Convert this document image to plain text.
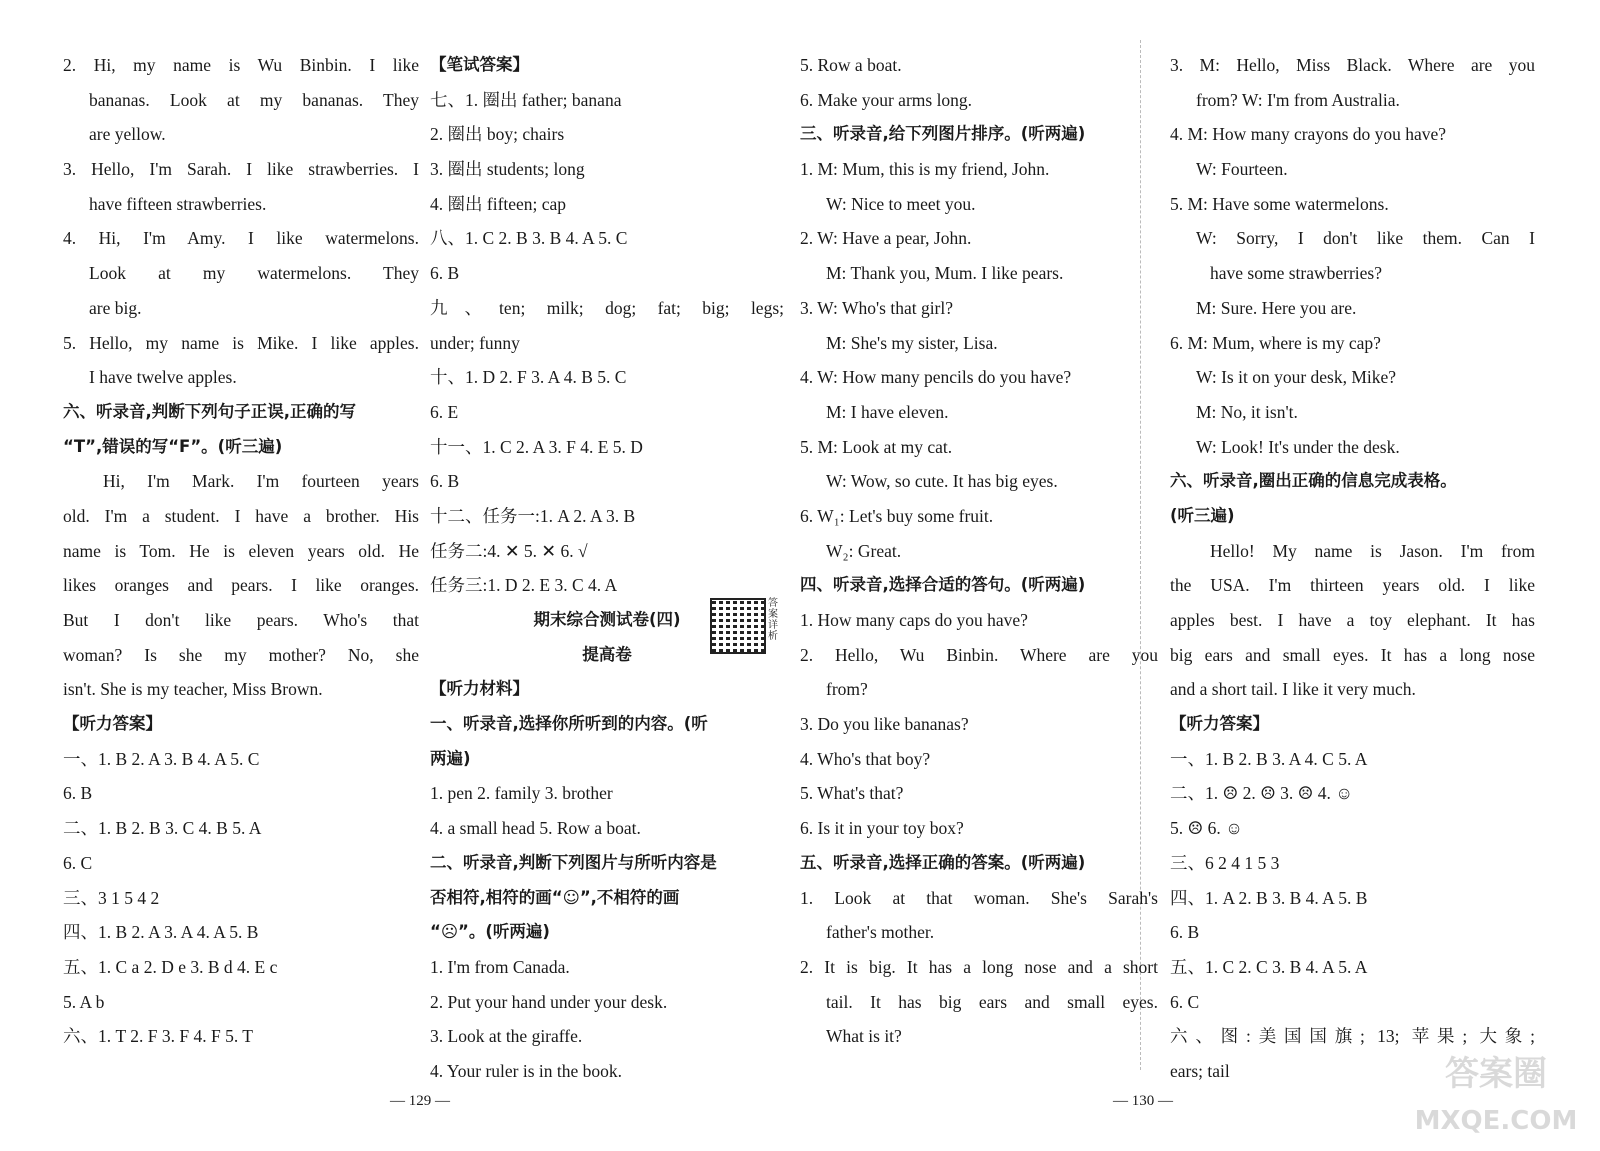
2. Hi, my name is Wu Binbin. I like
bananas. Look at my bananas. They
are yellow.
3. Hello, I'm Sarah. I like strawberries. I
have fifteen strawberries.
4. Hi, I'm Amy. I like watermelons.
Look at my watermelons. They
are big.
5. Hello, my name is Mike. I like apples.
I have twelve apples.
六、听录音,判断下列句子正误,正确的写
“T”,错误的写“F”。(听三遍)
Hi, I'm Mark. I'm fourteen years
old. I'm a student. I have a brother. His
name is Tom. He is eleven years old. He
likes oranges and pears. I like oranges.
But I don't like pears. Who's that
woman? Is she my mother? No, she
isn't. She is my teacher, Miss Brown.
【听力答案】
一、1. B 2. A 3. B 4. A 5. C
6. B
二、1. B 2. B 3. C 4. B 5. A
6. C
三、3 1 5 4 2
四、1. B 2. A 3. A 4. A 5. B
五、1. C a 2. D e 3. B d 4. E c
5. A b
六、1. T 2. F 3. F 4. F 5. T
【笔试答案】
七、1. 圈出 father; banana
2. 圈出 boy; chairs
3. 圈出 students; long
4. 圈出 fifteen; cap
八、1. C 2. B 3. B 4. A 5. C
6. B
九、ten; milk; dog; fat; big; legs;
under; funny
十、1. D 2. F 3. A 4. B 5. C
6. E
十一、1. C 2. A 3. F 4. E 5. D
6. B
十二、任务一:1. A 2. A 3. B
任务二:4. ✕ 5. ✕ 6. √
任务三:1. D 2. E 3. C 4. A
期末综合测试卷(四)
提高卷
【听力材料】
一、听录音,选择你所听到的内容。(听
两遍)
1. pen 2. family 3. brother
4. a small head 5. Row a boat.
二、听录音,判断下列图片与所听内容是
否相符,相符的画“☺”,不相符的画
“☹”。(听两遍)
1. I'm from Canada.
2. Put your hand under your desk.
3. Look at the giraffe.
4. Your ruler is in the book.
5. Row a boat.
6. Make your arms long.
三、听录音,给下列图片排序。(听两遍)
1. M: Mum, this is my friend, John.
W: Nice to meet you.
2. W: Have a pear, John.
M: Thank you, Mum. I like pears.
3. W: Who's that girl?
M: She's my sister, Lisa.
4. W: How many pencils do you have?
M: I have eleven.
5. M: Look at my cat.
W: Wow, so cute. It has big eyes.
6. W₁: Let's buy some fruit.
W₂: Great.
四、听录音,选择合适的答句。(听两遍)
1. How many caps do you have?
2. Hello, Wu Binbin. Where are you
from?
3. Do you like bananas?
4. Who's that boy?
5. What's that?
6. Is it in your toy box?
五、听录音,选择正确的答案。(听两遍)
1. Look at that woman. She's Sarah's
father's mother.
2. It is big. It has a long nose and a short
tail. It has big ears and small eyes.
What is it?
3. M: Hello, Miss Black. Where are you
from? W: I'm from Australia.
4. M: How many crayons do you have?
W: Fourteen.
5. M: Have some watermelons.
W: Sorry, I don't like them. Can I
have some strawberries?
M: Sure. Here you are.
6. M: Mum, where is my cap?
W: Is it on your desk, Mike?
M: No, it isn't.
W: Look! It's under the desk.
六、听录音,圈出正确的信息完成表格。
(听三遍)
Hello! My name is Jason. I'm from
the USA. I'm thirteen years old. I like
apples best. I have a toy elephant. It has
big ears and small eyes. It has a long nose
and a short tail. I like it very much.
【听力答案】
一、1. B 2. B 3. A 4. C 5. A
二、1. ☹ 2. ☹ 3. ☹ 4. ☺
5. ☹ 6. ☺
三、6 2 4 1 5 3
四、1. A 2. B 3. B 4. A 5. B
6. B
五、1. C 2. C 3. B 4. A 5. A
6. C
六、图:美国国旗; 13; 苹果; 大象;
ears; tail
答案详析
— 129 —	— 130 —
答案圈
MXQE.COM
